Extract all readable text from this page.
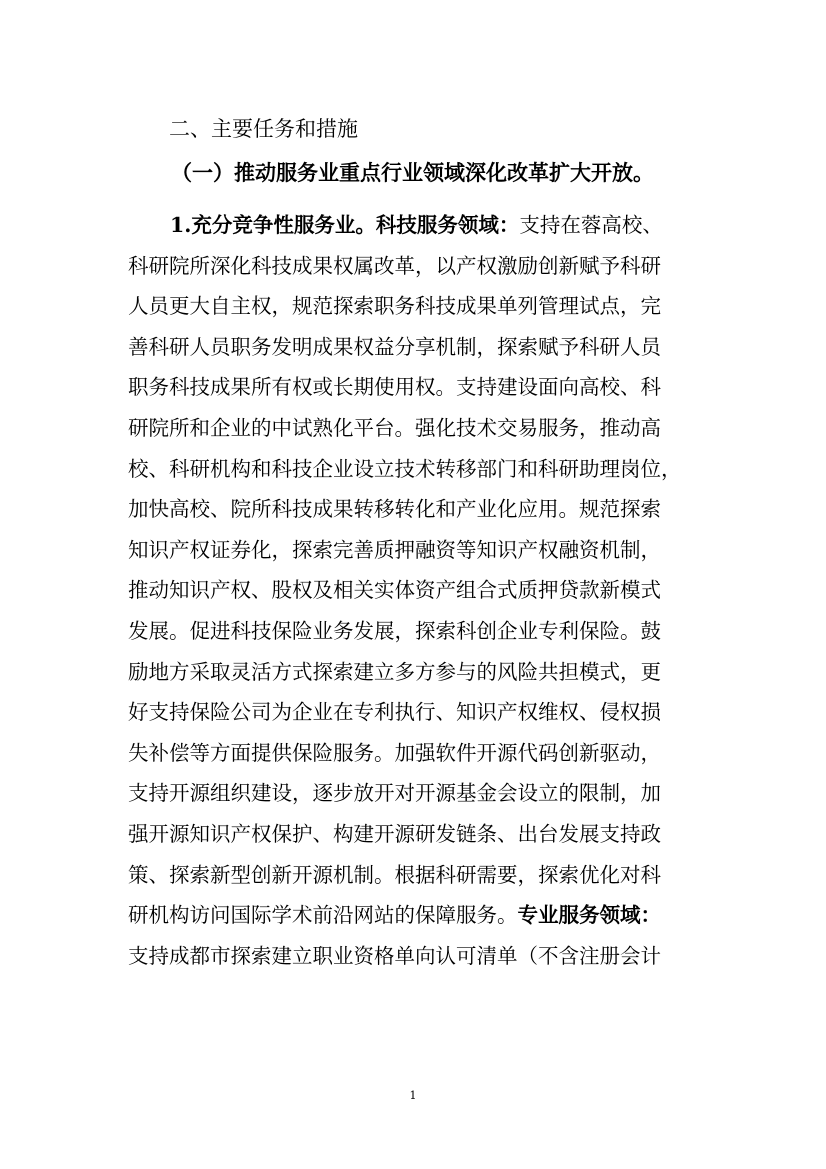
二、主要任务和措施
（一）推动服务业重点行业领域深化改革扩大开放。
1.充分竞争性服务业。科技服务领域：支持在蓉高校、
科研院所深化科技成果权属改革，以产权激励创新赋予科研
人员更大自主权，规范探索职务科技成果单列管理试点，完
善科研人员职务发明成果权益分享机制，探索赋予科研人员
职务科技成果所有权或长期使用权。支持建设面向高校、科
研院所和企业的中试熟化平台。强化技术交易服务，推动高
校、科研机构和科技企业设立技术转移部门和科研助理岗位，
加快高校、院所科技成果转移转化和产业化应用。规范探索
知识产权证券化，探索完善质押融资等知识产权融资机制，
推动知识产权、股权及相关实体资产组合式质押贷款新模式
发展。促进科技保险业务发展，探索科创企业专利保险。鼓
励地方采取灵活方式探索建立多方参与的风险共担模式，更
好支持保险公司为企业在专利执行、知识产权维权、侵权损
失补偿等方面提供保险服务。加强软件开源代码创新驱动，
支持开源组织建设，逐步放开对开源基金会设立的限制，加
强开源知识产权保护、构建开源研发链条、出台发展支持政
策、探索新型创新开源机制。根据科研需要，探索优化对科
研机构访问国际学术前沿网站的保障服务。专业服务领域：
支持成都市探索建立职业资格单向认可清单（不含注册会计
1
